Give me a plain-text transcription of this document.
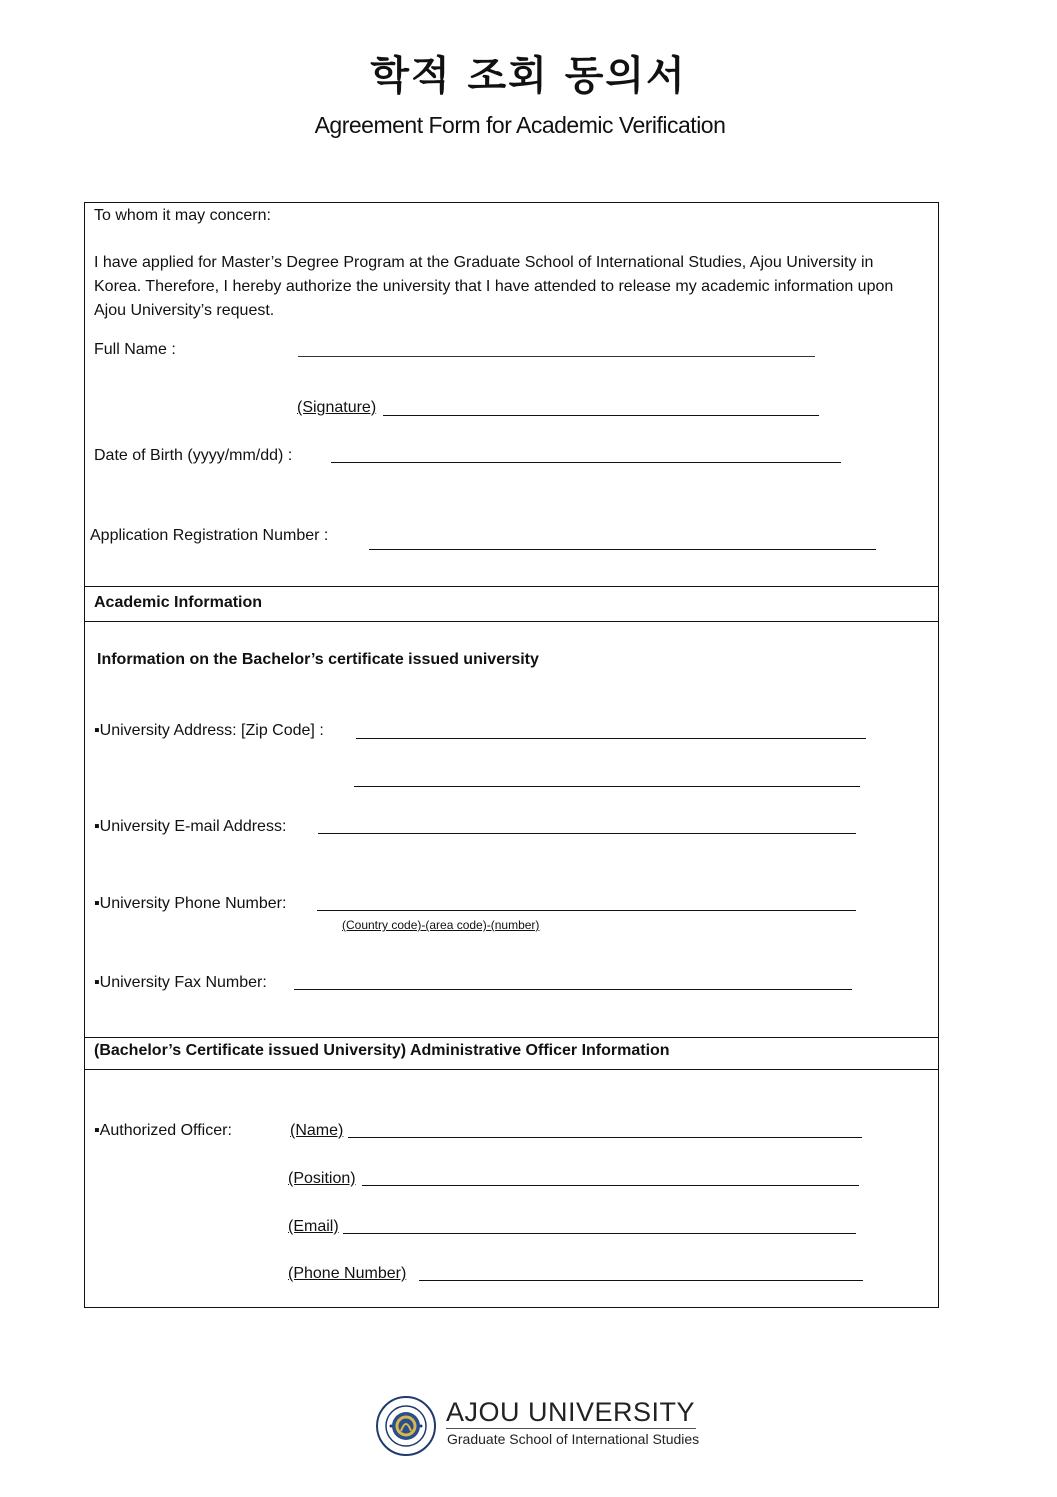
학적 조회 동의서
Agreement Form for Academic Verification
To whom it may concern:
I have applied for Master’s Degree Program at the Graduate School of International Studies, Ajou University in Korea. Therefore, I hereby authorize the university that I have attended to release my academic information upon Ajou University’s request.
Full Name :
(Signature)
Date of Birth (yyyy/mm/dd) :
Application Registration Number :
Academic Information
Information on the Bachelor’s certificate issued university
▪University Address: [Zip Code] :
▪University E-mail Address:
▪University Phone Number:
(Country code)-(area code)-(number)
▪University Fax Number:
(Bachelor’s Certificate issued University) Administrative Officer Information
▪Authorized Officer:	(Name)
(Position)
(Email)
(Phone Number)
AJOU UNIVERSITY
Graduate School of International Studies
